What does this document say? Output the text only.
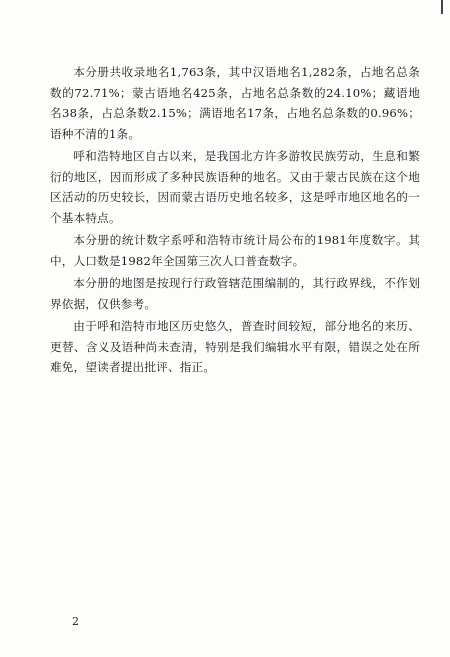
本分册共收录地名1,763条，其中汉语地名1,282条，占地名总条数的72.71%；蒙古语地名425条，占地名总条数的24.10%；藏语地名38条，占总条数2.15%；满语地名17条，占地名总条数的0.96%；语种不清的1条。

呼和浩特地区自古以来，是我国北方许多游牧民族劳动，生息和繁衍的地区，因而形成了多种民族语种的地名。又由于蒙古民族在这个地区活动的历史较长，因而蒙古语历史地名较多，这是呼市地区地名的一个基本特点。

本分册的统计数字系呼和浩特市统计局公布的1981年度数字。其中，人口数是1982年全国第三次人口普查数字。

本分册的地图是按现行行政管辖范围编制的，其行政界线，不作划界依据，仅供参考。

由于呼和浩特市地区历史悠久，普查时间较短，部分地名的来历、更替、含义及语种尚未查清，特别是我们编辑水平有限，错误之处在所难免，望读者提出批评、指正。

2
